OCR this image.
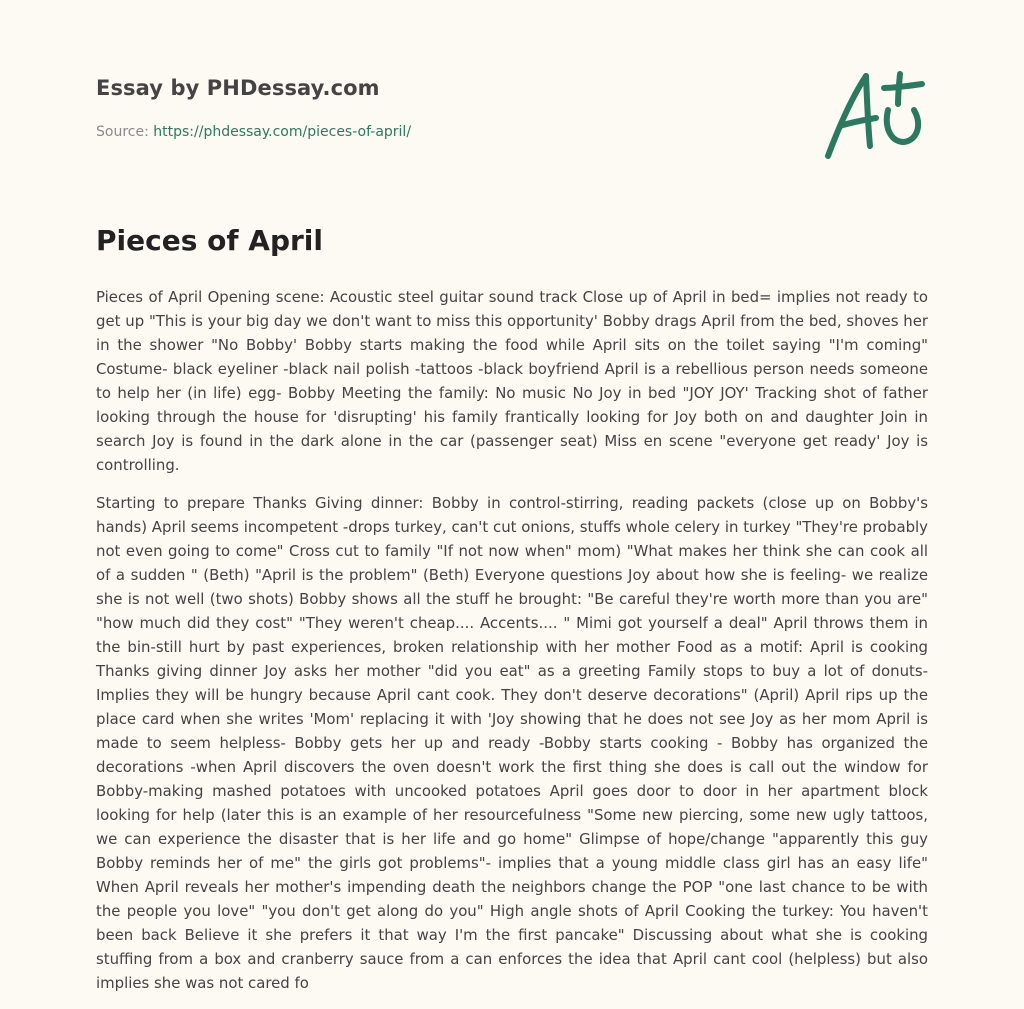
Essay by PHDessay.com
Source: https://phdessay.com/pieces-of-april/
Pieces of April

Pieces of April Opening scene: Acoustic steel guitar sound track Close up of April in bed= implies not ready to get up "This is your big day we don't want to miss this opportunity' Bobby drags April from the bed, shoves her in the shower "No Bobby' Bobby starts making the food while April sits on the toilet saying "I'm coming" Costume- black eyeliner -black nail polish -tattoos -black boyfriend April is a rebellious person needs someone to help her (in life) egg- Bobby Meeting the family: No music No Joy in bed "JOY JOY' Tracking shot of father looking through the house for 'disrupting' his family frantically looking for Joy both on and daughter Join in search Joy is found in the dark alone in the car (passenger seat) Miss en scene "everyone get ready' Joy is controlling.

Starting to prepare Thanks Giving dinner: Bobby in control-stirring, reading packets (close up on Bobby's hands) April seems incompetent -drops turkey, can't cut onions, stuffs whole celery in turkey "They're probably not even going to come" Cross cut to family "If not now when" mom) "What makes her think she can cook all of a sudden " (Beth) "April is the problem" (Beth) Everyone questions Joy about how she is feeling- we realize she is not well (two shots) Bobby shows all the stuff he brought: "Be careful they're worth more than you are" "how much did they cost" "They weren't cheap.... Accents.... " Mimi got yourself a deal" April throws them in the bin-still hurt by past experiences, broken relationship with her mother Food as a motif: April is cooking Thanks giving dinner Joy asks her mother "did you eat" as a greeting Family stops to buy a lot of donuts- Implies they will be hungry because April cant cook. They don't deserve decorations" (April) April rips up the place card when she writes 'Mom' replacing it with 'Joy showing that he does not see Joy as her mom April is made to seem helpless- Bobby gets her up and ready -Bobby starts cooking - Bobby has organized the decorations -when April discovers the oven doesn't work the first thing she does is call out the window for Bobby-making mashed potatoes with uncooked potatoes April goes door to door in her apartment block looking for help (later this is an example of her resourcefulness "Some new piercing, some new ugly tattoos, we can experience the disaster that is her life and go home" Glimpse of hope/change "apparently this guy Bobby reminds her of me" the girls got problems"- implies that a young middle class girl has an easy life" When April reveals her mother's impending death the neighbors change the POP "one last chance to be with the people you love" "you don't get along do you" High angle shots of April Cooking the turkey: You haven't been back Believe it she prefers it that way I'm the first pancake" Discussing about what she is cooking stuffing from a box and cranberry sauce from a can enforces the idea that April cant cool (helpless) but also implies she was not cared fo
